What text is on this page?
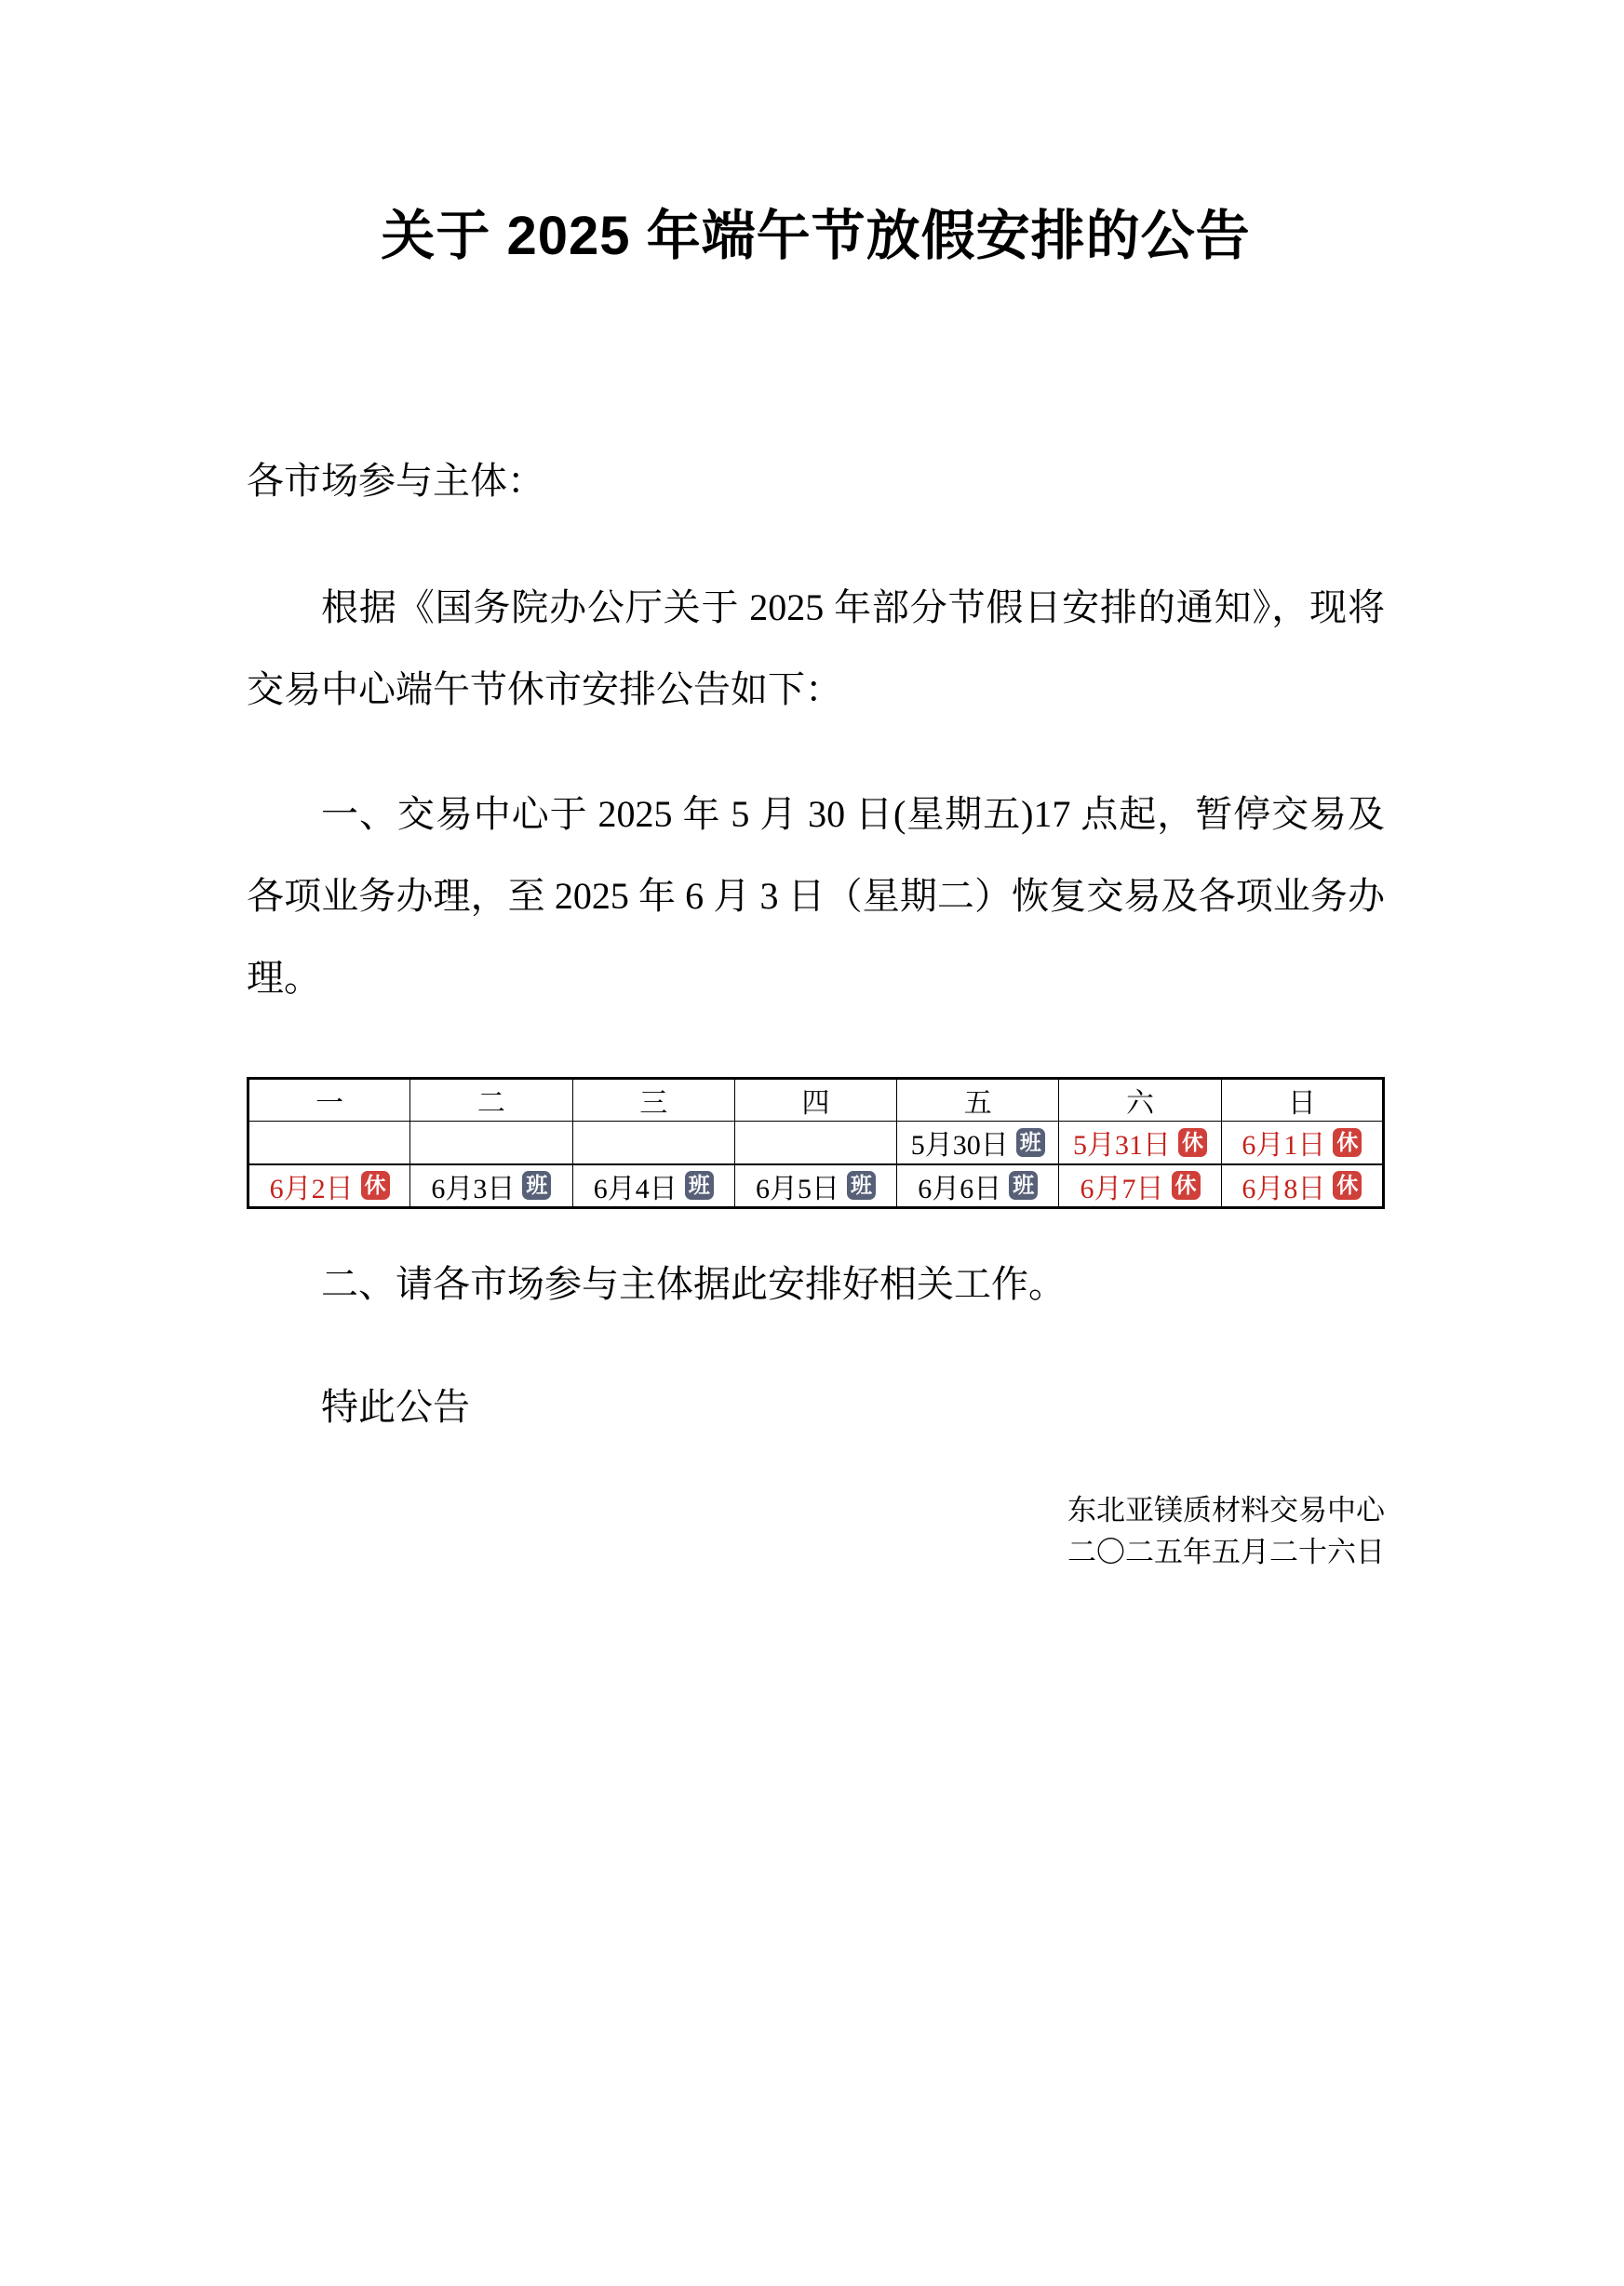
关于 2025 年端午节放假安排的公告

各市场参与主体：

根据《国务院办公厅关于 2025 年部分节假日安排的通知》，现将交易中心端午节休市安排公告如下：

一、交易中心于 2025 年 5 月 30 日(星期五)17 点起，暂停交易及各项业务办理，至 2025 年 6 月 3 日（星期二）恢复交易及各项业务办理。

一	二	三	四	五	六	日
				5月30日 班	5月31日 休	6月1日 休
6月2日 休	6月3日 班	6月4日 班	6月5日 班	6月6日 班	6月7日 休	6月8日 休

二、请各市场参与主体据此安排好相关工作。

特此公告

东北亚镁质材料交易中心
二〇二五年五月二十六日
